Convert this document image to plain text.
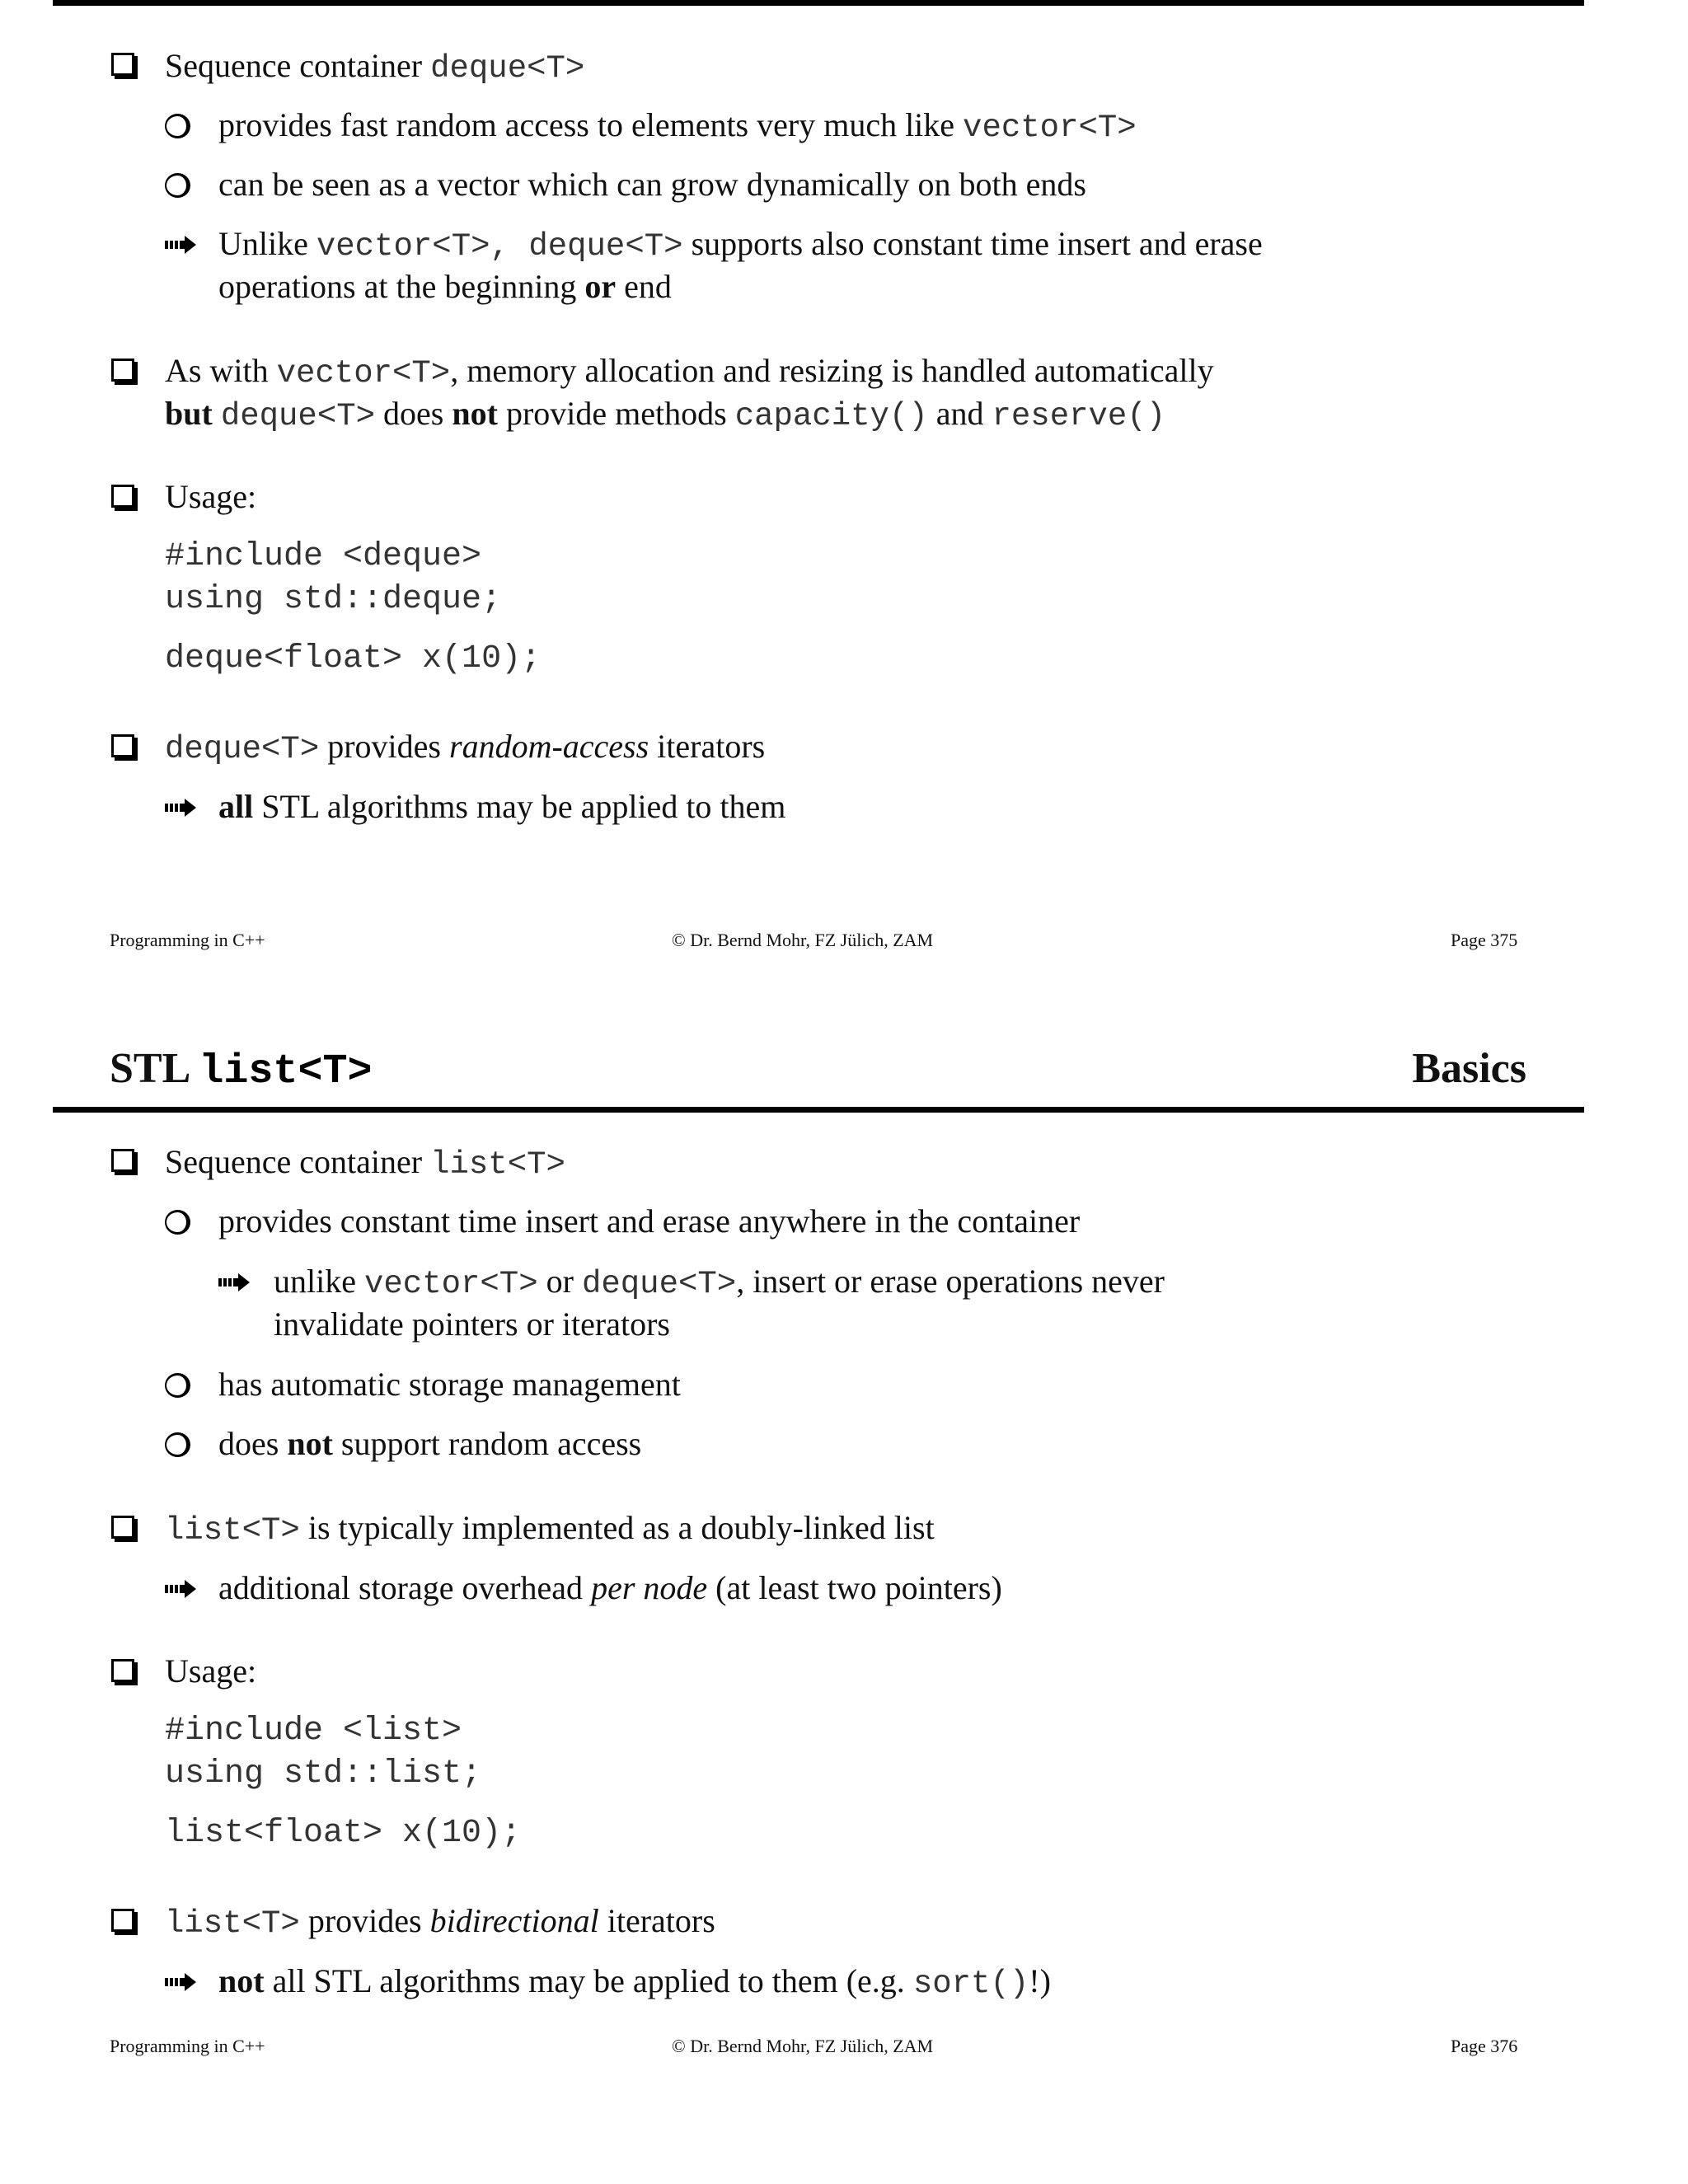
Sequence container deque<T>
provides fast random access to elements very much like vector<T>
can be seen as a vector which can grow dynamically on both ends
Unlike vector<T>, deque<T> supports also constant time insert and erase
operations at the beginning or end
As with vector<T>, memory allocation and resizing is handled automatically
but deque<T> does not provide methods capacity() and reserve()
Usage:
#include <deque>
using std::deque;
deque<float> x(10);
deque<T> provides random-access iterators
all STL algorithms may be applied to them
Programming in C++	© Dr. Bernd Mohr, FZ Jülich, ZAM	Page 375
STL list<T>	Basics
Sequence container list<T>
provides constant time insert and erase anywhere in the container
unlike vector<T> or deque<T>, insert or erase operations never
invalidate pointers or iterators
has automatic storage management
does not support random access
list<T> is typically implemented as a doubly-linked list
additional storage overhead per node (at least two pointers)
Usage:
#include <list>
using std::list;
list<float> x(10);
list<T> provides bidirectional iterators
not all STL algorithms may be applied to them (e.g. sort()!)
Programming in C++	© Dr. Bernd Mohr, FZ Jülich, ZAM	Page 376
